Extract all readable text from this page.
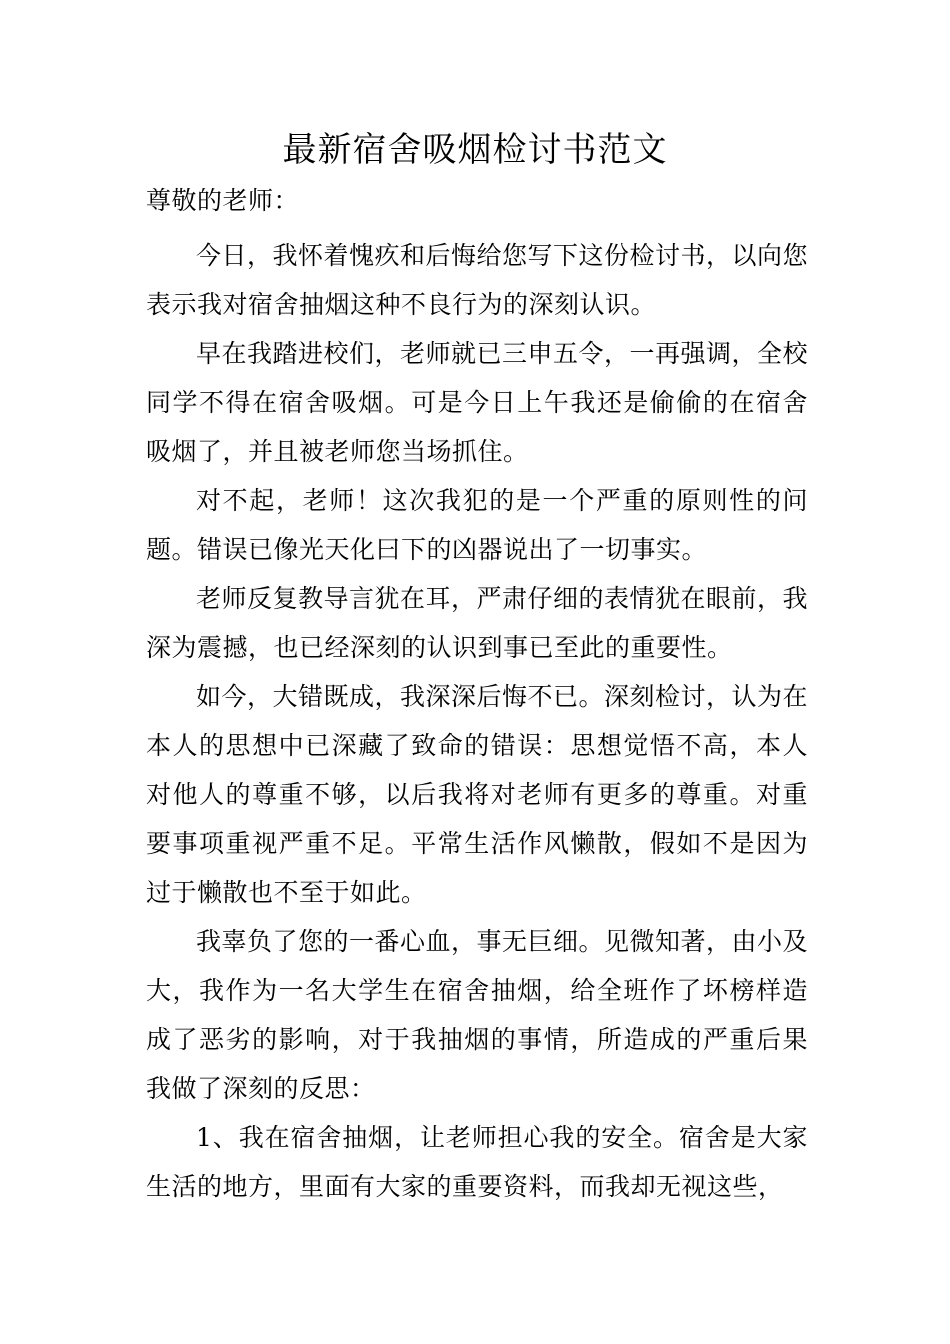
最新宿舍吸烟检讨书范文

尊敬的老师：

今日，我怀着愧疚和后悔给您写下这份检讨书，以向您表示我对宿舍抽烟这种不良行为的深刻认识。

早在我踏进校们，老师就已三申五令，一再强调，全校同学不得在宿舍吸烟。可是今日上午我还是偷偷的在宿舍吸烟了，并且被老师您当场抓住。

对不起，老师！这次我犯的是一个严重的原则性的问题。错误已像光天化曰下的凶器说出了一切事实。

老师反复教导言犹在耳，严肃仔细的表情犹在眼前，我深为震撼，也已经深刻的认识到事已至此的重要性。

如今，大错既成，我深深后悔不已。深刻检讨，认为在本人的思想中已深藏了致命的错误：思想觉悟不高，本人对他人的尊重不够，以后我将对老师有更多的尊重。对重要事项重视严重不足。平常生活作风懒散，假如不是因为过于懒散也不至于如此。

我辜负了您的一番心血，事无巨细。见微知著，由小及大，我作为一名大学生在宿舍抽烟，给全班作了坏榜样造成了恶劣的影响，对于我抽烟的事情，所造成的严重后果我做了深刻的反思：

1、我在宿舍抽烟，让老师担心我的安全。宿舍是大家生活的地方，里面有大家的重要资料，而我却无视这些，
